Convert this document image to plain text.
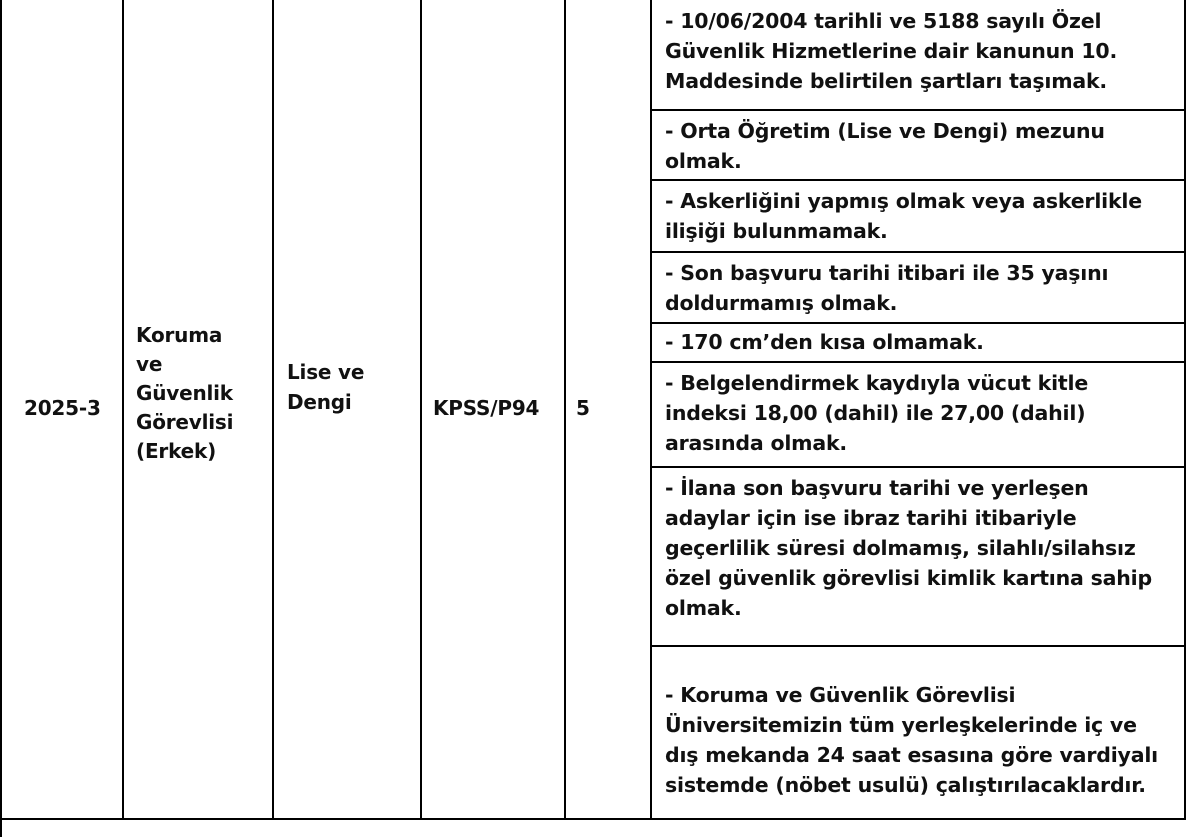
2025-3
Koruma
ve
Güvenlik
Görevlisi
(Erkek)
Lise ve
Dengi	KPSS/P94	5
- 10/06/2004 tarihli ve 5188 sayılı Özel Güvenlik Hizmetlerine dair kanunun 10. Maddesinde belirtilen şartları taşımak.
- Orta Öğretim (Lise ve Dengi) mezunu olmak.
- Askerliğini yapmış olmak veya askerlikle ilişiği bulunmamak.
- Son başvuru tarihi itibari ile 35 yaşını doldurmamış olmak.
- 170 cm’den kısa olmamak.
- Belgelendirmek kaydıyla vücut kitle indeksi 18,00 (dahil) ile 27,00 (dahil) arasında olmak.
- İlana son başvuru tarihi ve yerleşen adaylar için ise ibraz tarihi itibariyle geçerlilik süresi dolmamış, silahlı/silahsız özel güvenlik görevlisi kimlik kartına sahip olmak.
- Koruma ve Güvenlik Görevlisi Üniversitemizin tüm yerleşkelerinde iç ve dış mekanda 24 saat esasına göre vardiyalı sistemde (nöbet usulü) çalıştırılacaklardır.
